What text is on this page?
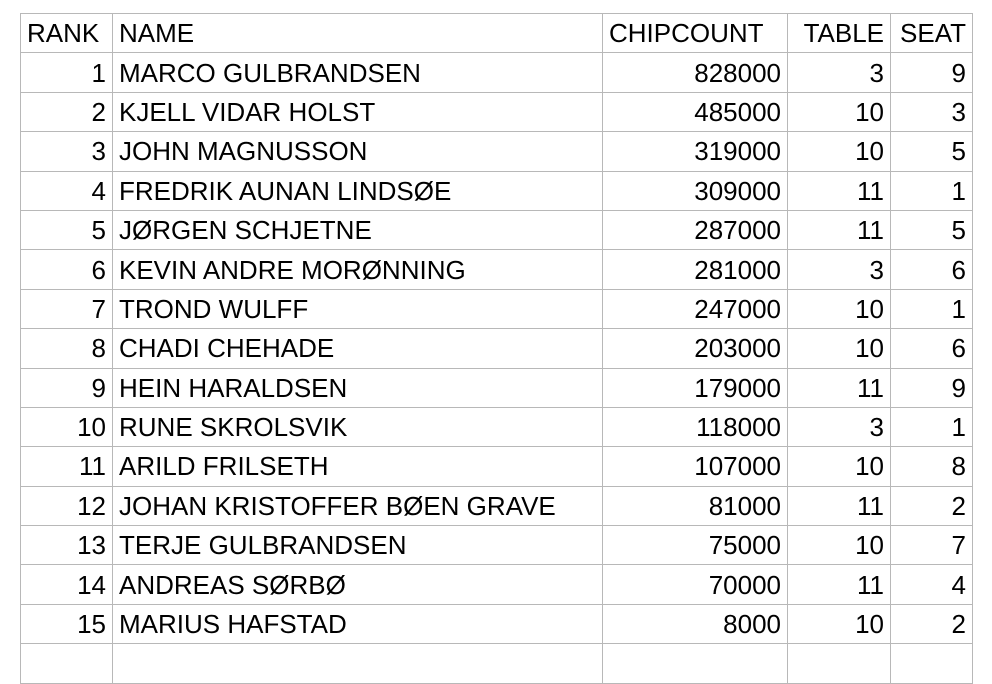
RANK	NAME	CHIPCOUNT	TABLE	SEAT
1	MARCO GULBRANDSEN	828000	3	9
2	KJELL VIDAR HOLST	485000	10	3
3	JOHN MAGNUSSON	319000	10	5
4	FREDRIK AUNAN LINDSØE	309000	11	1
5	JØRGEN SCHJETNE	287000	11	5
6	KEVIN ANDRE MORØNNING	281000	3	6
7	TROND WULFF	247000	10	1
8	CHADI CHEHADE	203000	10	6
9	HEIN HARALDSEN	179000	11	9
10	RUNE SKROLSVIK	118000	3	1
11	ARILD FRILSETH	107000	10	8
12	JOHAN KRISTOFFER BØEN GRAVE	81000	11	2
13	TERJE GULBRANDSEN	75000	10	7
14	ANDREAS SØRBØ	70000	11	4
15	MARIUS HAFSTAD	8000	10	2
